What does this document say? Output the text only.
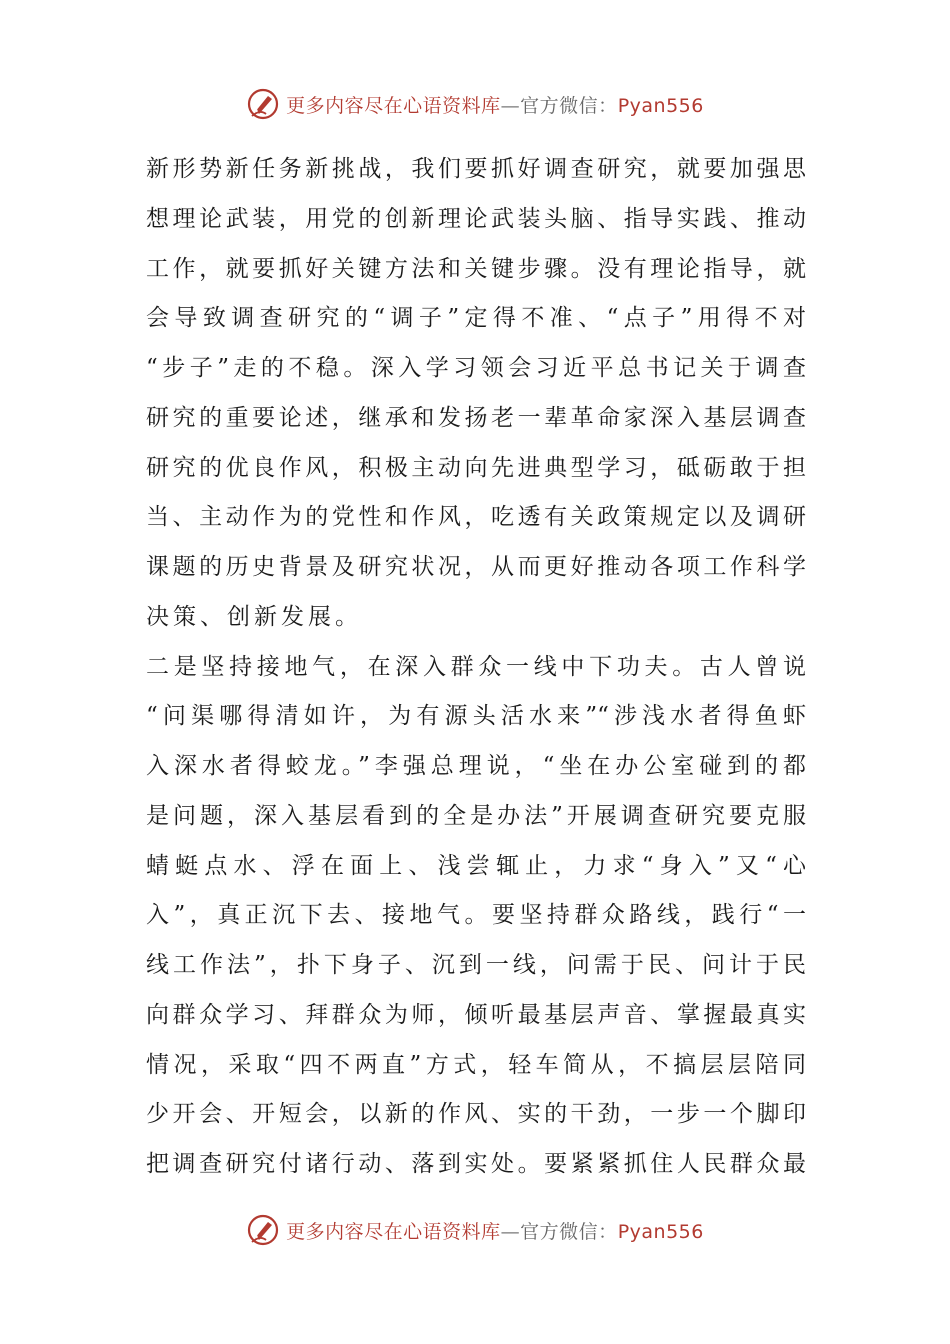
更多内容尽在心语资料库—官方微信：Pyan556
新形势新任务新挑战，我们要抓好调查研究，就要加强思
想理论武装，用党的创新理论武装头脑、指导实践、推动
工作，就要抓好关键方法和关键步骤。没有理论指导，就
会导致调查研究的“调子”定得不准、“点子”用得不对
“步子”走的不稳。深入学习领会习近平总书记关于调查
研究的重要论述，继承和发扬老一辈革命家深入基层调查
研究的优良作风，积极主动向先进典型学习，砥砺敢于担
当、主动作为的党性和作风，吃透有关政策规定以及调研
课题的历史背景及研究状况，从而更好推动各项工作科学
决策、创新发展。
二是坚持接地气，在深入群众一线中下功夫。古人曾说
“问渠哪得清如许，为有源头活水来”“涉浅水者得鱼虾
入深水者得蛟龙。”李强总理说，“坐在办公室碰到的都
是问题，深入基层看到的全是办法”开展调查研究要克服
蜻蜓点水、浮在面上、浅尝辄止，力求“身入”又“心
入”，真正沉下去、接地气。要坚持群众路线，践行“一
线工作法”，扑下身子、沉到一线，问需于民、问计于民
向群众学习、拜群众为师，倾听最基层声音、掌握最真实
情况，采取“四不两直”方式，轻车简从，不搞层层陪同
少开会、开短会，以新的作风、实的干劲，一步一个脚印
把调查研究付诸行动、落到实处。要紧紧抓住人民群众最
更多内容尽在心语资料库—官方微信：Pyan556
